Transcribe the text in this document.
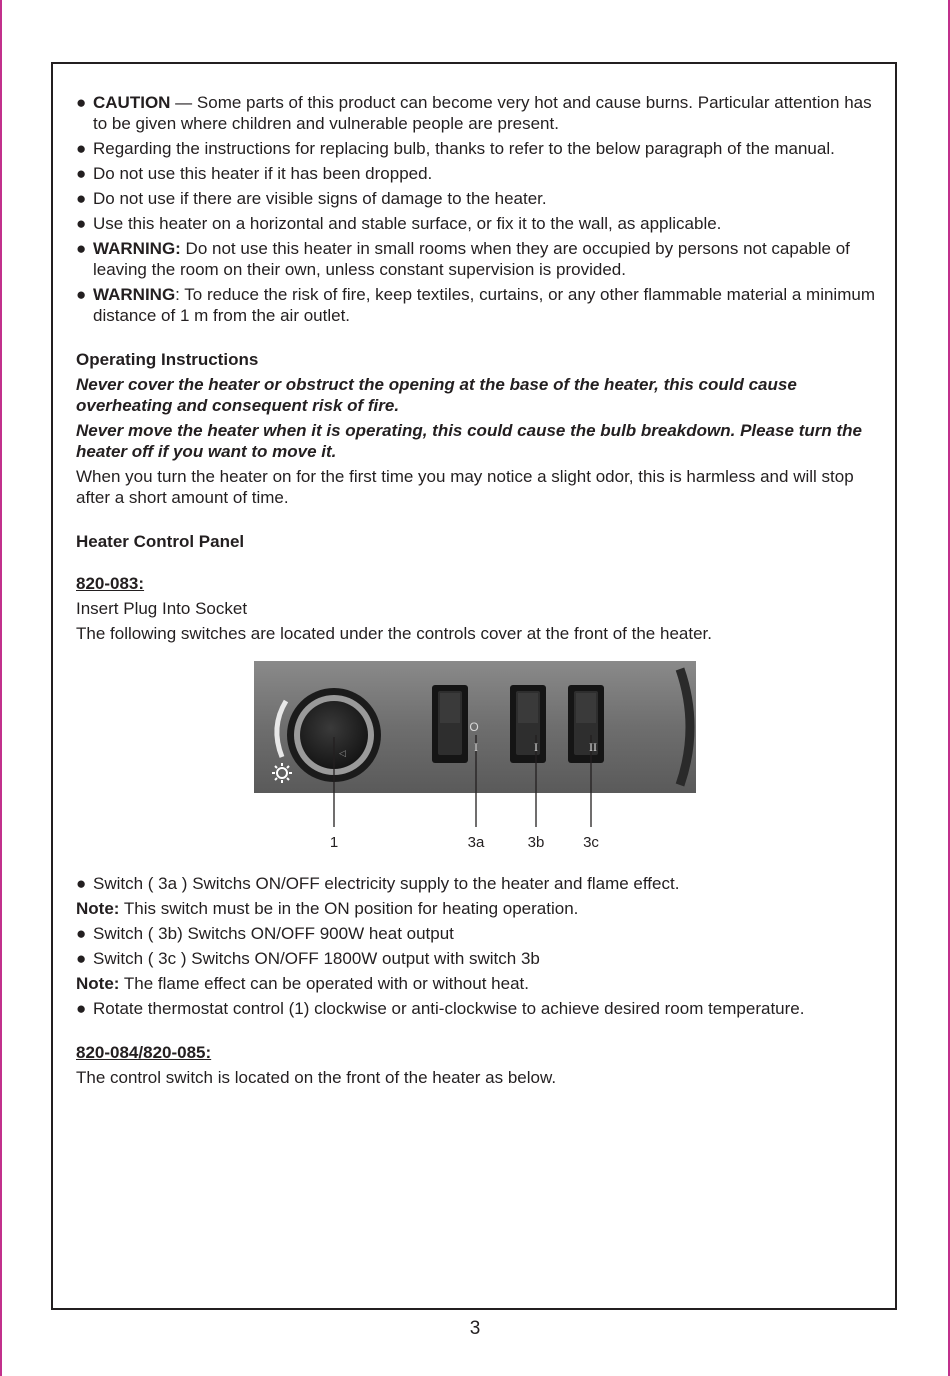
● CAUTION — Some parts of this product can become very hot and cause burns. Particular attention has to be given where children and vulnerable people are present.
● Regarding the instructions for replacing bulb, thanks to refer to the below paragraph of the manual.
● Do not use this heater if it has been dropped.
● Do not use if there are visible signs of damage to the heater.
● Use this heater on a horizontal and stable surface, or fix it to the wall, as applicable.
● WARNING: Do not use this heater in small rooms when they are occupied by persons not capable of leaving the room on their own, unless constant supervision is provided.
● WARNING: To reduce the risk of fire, keep textiles, curtains, or any other flammable material a minimum distance of 1 m from the air outlet.
Operating Instructions
Never cover the heater or obstruct the opening at the base of the heater, this could cause overheating and consequent risk of fire.
Never move the heater when it is operating, this could cause the bulb breakdown. Please turn the heater off if you want to move it.
When you turn the heater on for the first time you may notice a slight odor, this is harmless and will stop after a short amount of time.
Heater Control Panel
820-083:
Insert Plug Into Socket
The following switches are located under the controls cover at the front of the heater.
◁
O
I	I	II
1	3a	3b	3c
● Switch ( 3a ) Switchs ON/OFF electricity supply to the heater and flame effect.
Note: This switch must be in the ON position for heating operation.
● Switch ( 3b) Switchs ON/OFF 900W heat output
● Switch ( 3c ) Switchs ON/OFF 1800W output with switch 3b
Note: The flame effect can be operated with or without heat.
● Rotate thermostat control (1) clockwise or anti-clockwise to achieve desired room temperature.
820-084/820-085:
The control switch is located on the front of the heater as below.
3
